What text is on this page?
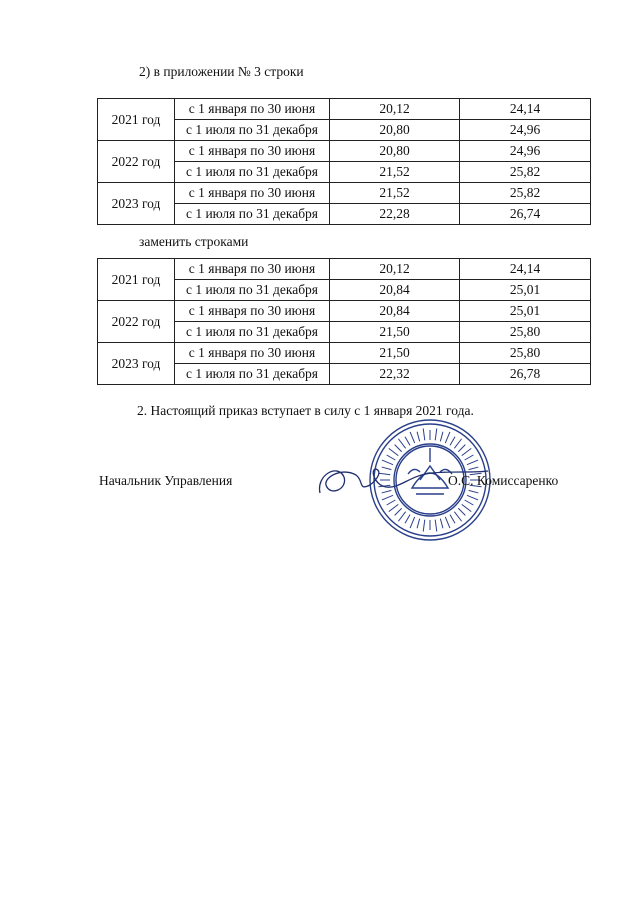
2) в приложении № 3 строки
2021 год	с 1 января по 30 июня	20,12	24,14
	с 1 июля по 31 декабря	20,80	24,96
2022 год	с 1 января по 30 июня	20,80	24,96
	с 1 июля по 31 декабря	21,52	25,82
2023 год	с 1 января по 30 июня	21,52	25,82
	с 1 июля по 31 декабря	22,28	26,74
заменить строками
2021 год	с 1 января по 30 июня	20,12	24,14
	с 1 июля по 31 декабря	20,84	25,01
2022 год	с 1 января по 30 июня	20,84	25,01
	с 1 июля по 31 декабря	21,50	25,80
2023 год	с 1 января по 30 июня	21,50	25,80
	с 1 июля по 31 декабря	22,32	26,78
2. Настоящий приказ вступает в силу с 1 января 2021 года.
Начальник Управления	О.С. Комиссаренко
